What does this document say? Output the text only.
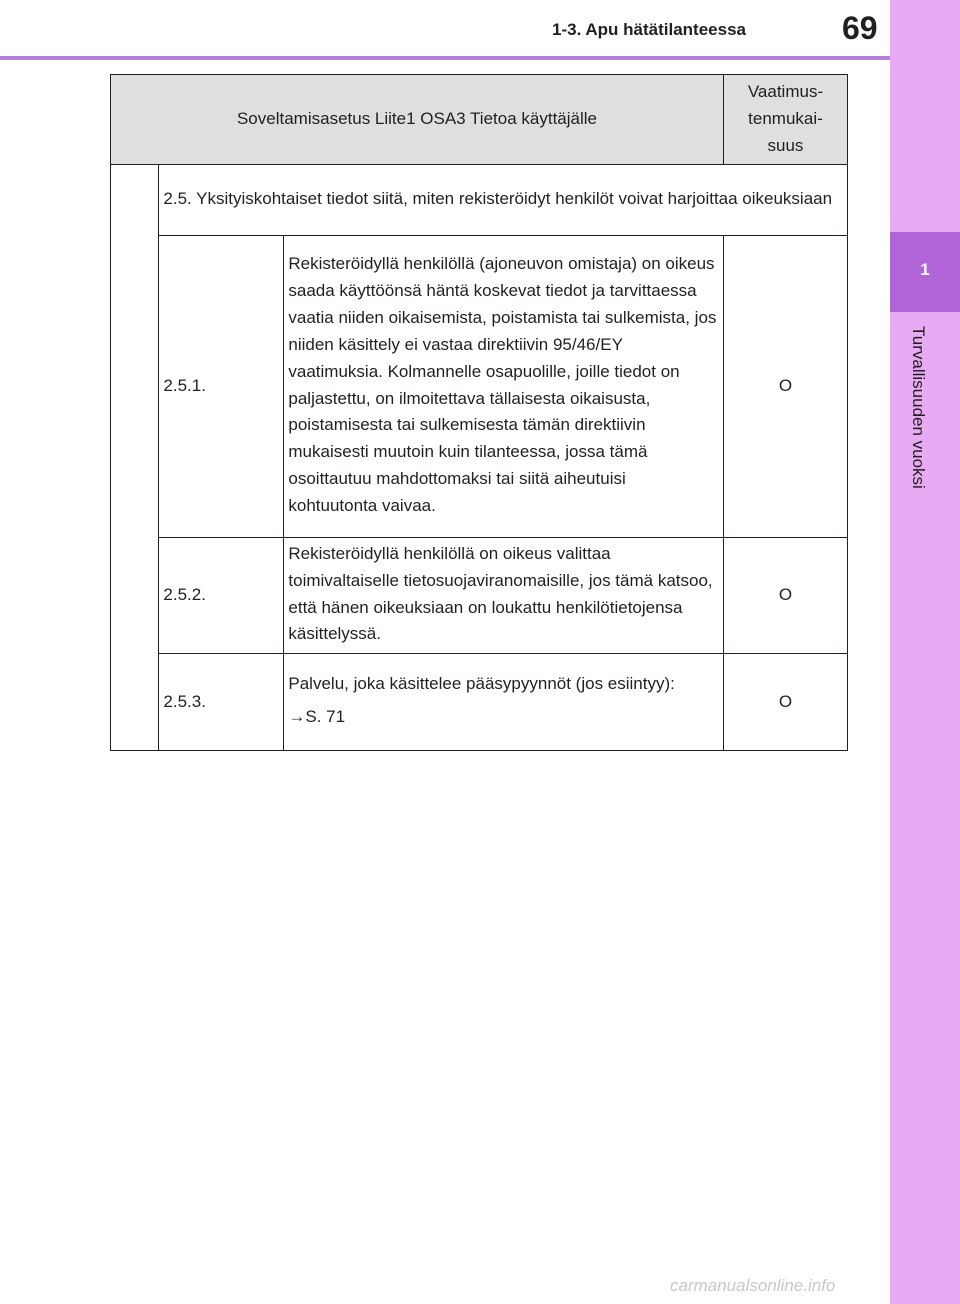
1-3. Apu hätätilanteessa	69
1
Turvallisuuden vuoksi
Soveltamisasetus Liite1 OSA3 Tietoa käyttäjälle			Vaatimus-
tenmukai-
suus
	2.5. Yksityiskohtaiset tiedot siitä, miten rekisteröidyt henkilöt voivat harjoittaa oikeuksiaan		
	2.5.1.	Rekisteröidyllä henkilöllä (ajoneuvon omistaja) on oikeus saada käyttöönsä häntä koskevat tiedot ja tarvittaessa vaatia niiden oikaisemista, poistamista tai sulkemista, jos niiden käsittely ei vastaa direktiivin 95/46/EY vaatimuksia. Kolmannelle osapuolille, joille tiedot on paljastettu, on ilmoitettava tällaisesta oikaisusta, poistamisesta tai sulkemisesta tämän direktiivin mukaisesti muutoin kuin tilanteessa, jossa tämä osoittautuu mahdottomaksi tai siitä aiheutuisi kohtuutonta vaivaa.	O
	2.5.2.	Rekisteröidyllä henkilöllä on oikeus valittaa toimivaltaiselle tietosuojaviranomaisille, jos tämä katsoo, että hänen oikeuksiaan on loukattu henkilötietojensa käsittelyssä.	O
	2.5.3.	Palvelu, joka käsittelee pääsypyynnöt (jos esiintyy):
→S. 71	O
carmanualsonline.info
